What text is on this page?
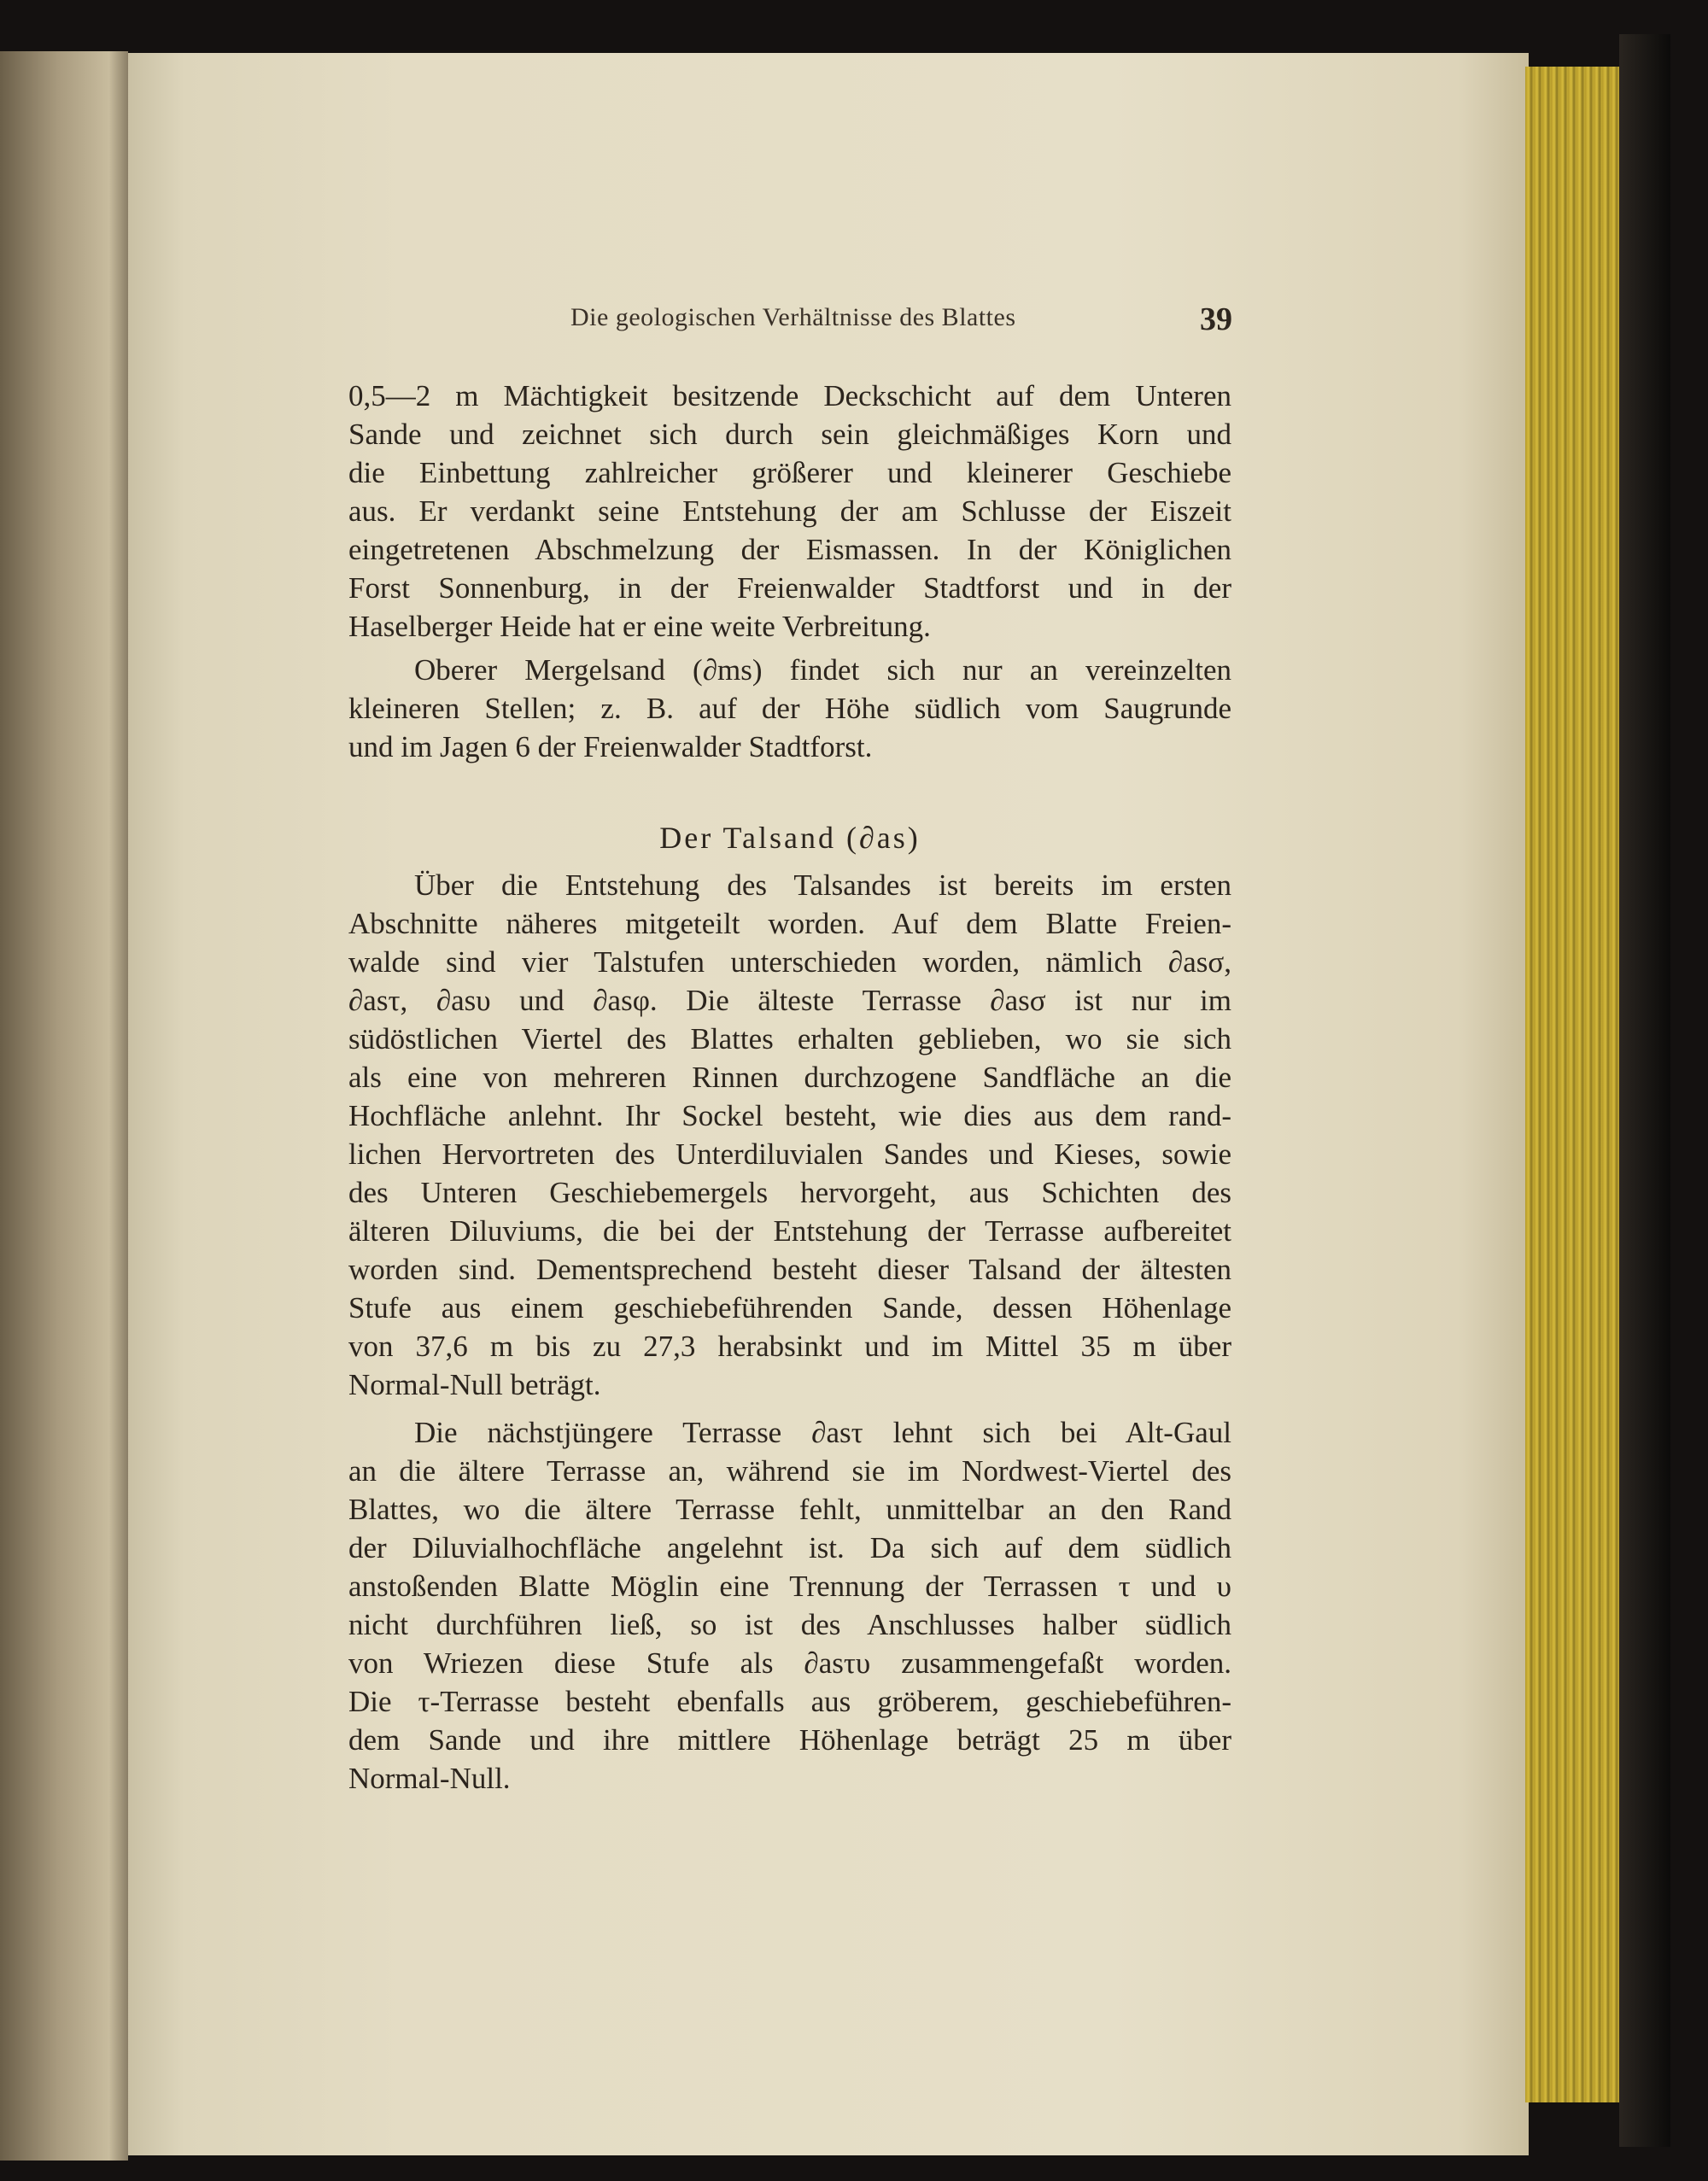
Die geologischen Verhältnisse des Blattes	39
0,5—2 m Mächtigkeit besitzende Deckschicht auf dem Unteren
Sande und zeichnet sich durch sein gleichmäßiges Korn und
die Einbettung zahlreicher größerer und kleinerer Geschiebe
aus. Er verdankt seine Entstehung der am Schlusse der Eiszeit
eingetretenen Abschmelzung der Eismassen. In der Königlichen
Forst Sonnenburg, in der Freienwalder Stadtforst und in der
Haselberger Heide hat er eine weite Verbreitung.
Oberer Mergelsand (∂ms) findet sich nur an vereinzelten
kleineren Stellen; z. B. auf der Höhe südlich vom Saugrunde
und im Jagen 6 der Freienwalder Stadtforst.
Der Talsand (∂as)
Über die Entstehung des Talsandes ist bereits im ersten
Abschnitte näheres mitgeteilt worden. Auf dem Blatte Freien-
walde sind vier Talstufen unterschieden worden, nämlich ∂asσ,
∂asτ, ∂asυ und ∂asφ. Die älteste Terrasse ∂asσ ist nur im
südöstlichen Viertel des Blattes erhalten geblieben, wo sie sich
als eine von mehreren Rinnen durchzogene Sandfläche an die
Hochfläche anlehnt. Ihr Sockel besteht, wie dies aus dem rand-
lichen Hervortreten des Unterdiluvialen Sandes und Kieses, sowie
des Unteren Geschiebemergels hervorgeht, aus Schichten des
älteren Diluviums, die bei der Entstehung der Terrasse aufbereitet
worden sind. Dementsprechend besteht dieser Talsand der ältesten
Stufe aus einem geschiebeführenden Sande, dessen Höhenlage
von 37,6 m bis zu 27,3 herabsinkt und im Mittel 35 m über
Normal-Null beträgt.
Die nächstjüngere Terrasse ∂asτ lehnt sich bei Alt-Gaul
an die ältere Terrasse an, während sie im Nordwest-Viertel des
Blattes, wo die ältere Terrasse fehlt, unmittelbar an den Rand
der Diluvialhochfläche angelehnt ist. Da sich auf dem südlich
anstoßenden Blatte Möglin eine Trennung der Terrassen τ und υ
nicht durchführen ließ, so ist des Anschlusses halber südlich
von Wriezen diese Stufe als ∂asτυ zusammengefaßt worden.
Die τ-Terrasse besteht ebenfalls aus gröberem, geschiebeführen-
dem Sande und ihre mittlere Höhenlage beträgt 25 m über
Normal-Null.
